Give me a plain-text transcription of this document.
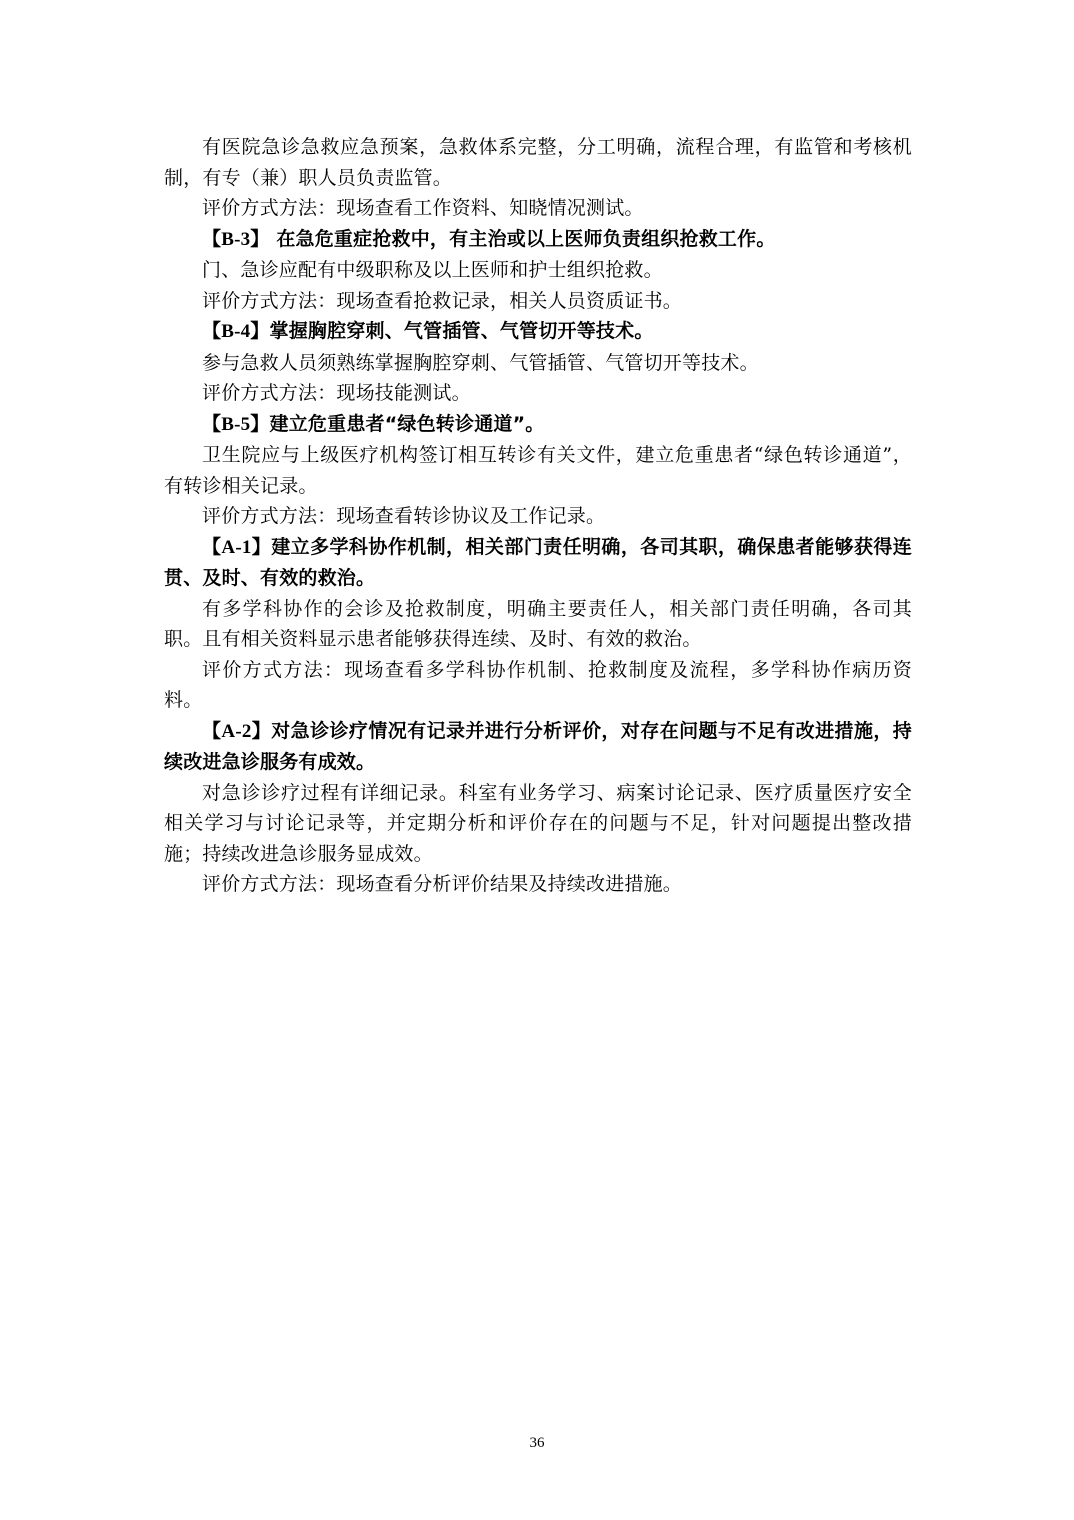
有医院急诊急救应急预案，急救体系完整，分工明确，流程合理，有监管和考核机制，有专（兼）职人员负责监管。

评价方式方法：现场查看工作资料、知晓情况测试。

【B-3】 在急危重症抢救中，有主治或以上医师负责组织抢救工作。

门、急诊应配有中级职称及以上医师和护士组织抢救。

评价方式方法：现场查看抢救记录，相关人员资质证书。

【B-4】掌握胸腔穿刺、气管插管、气管切开等技术。

参与急救人员须熟练掌握胸腔穿刺、气管插管、气管切开等技术。

评价方式方法：现场技能测试。

【B-5】建立危重患者“绿色转诊通道”。

卫生院应与上级医疗机构签订相互转诊有关文件，建立危重患者“绿色转诊通道”，有转诊相关记录。

评价方式方法：现场查看转诊协议及工作记录。

【A-1】建立多学科协作机制，相关部门责任明确，各司其职，确保患者能够获得连贯、及时、有效的救治。

有多学科协作的会诊及抢救制度，明确主要责任人，相关部门责任明确，各司其职。且有相关资料显示患者能够获得连续、及时、有效的救治。

评价方式方法：现场查看多学科协作机制、抢救制度及流程，多学科协作病历资料。

【A-2】对急诊诊疗情况有记录并进行分析评价，对存在问题与不足有改进措施，持续改进急诊服务有成效。

对急诊诊疗过程有详细记录。科室有业务学习、病案讨论记录、医疗质量医疗安全相关学习与讨论记录等，并定期分析和评价存在的问题与不足，针对问题提出整改措施；持续改进急诊服务显成效。

评价方式方法：现场查看分析评价结果及持续改进措施。

36
